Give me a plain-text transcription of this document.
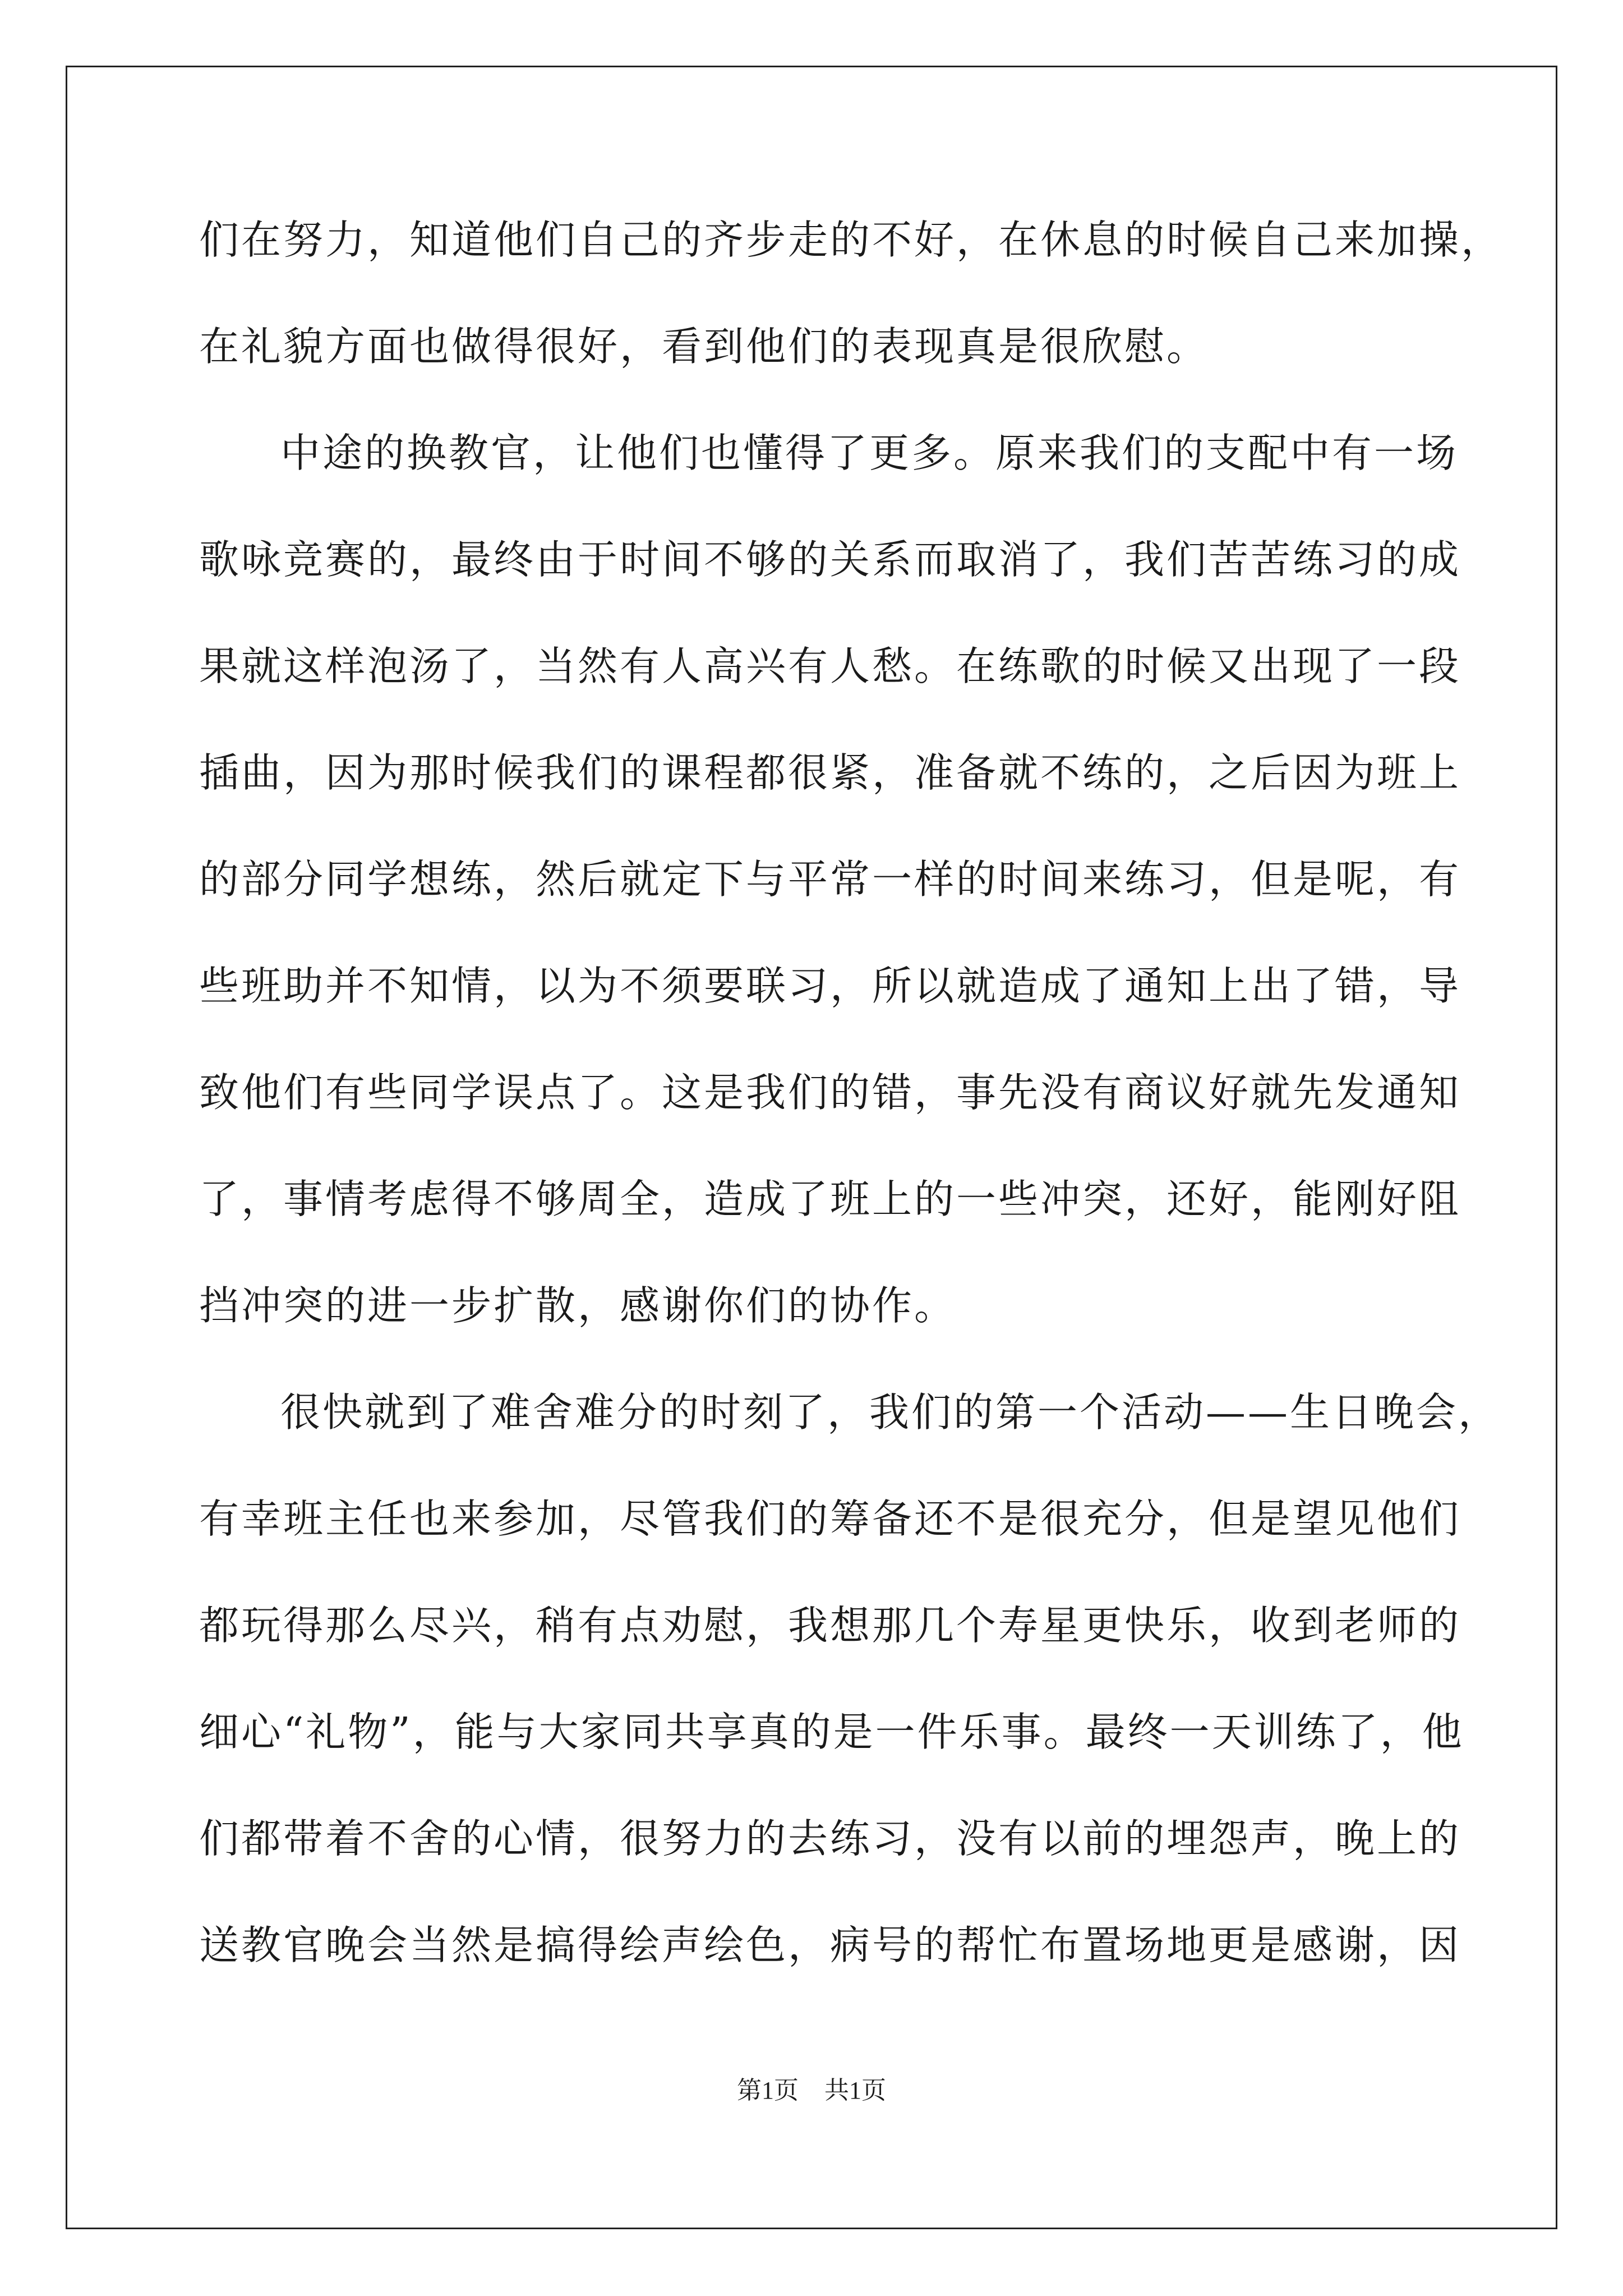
们在努力，知道他们自己的齐步走的不好，在休息的时候自己来加操，
在礼貌方面也做得很好，看到他们的表现真是很欣慰。
中途的换教官，让他们也懂得了更多。原来我们的支配中有一场
歌咏竞赛的，最终由于时间不够的关系而取消了，我们苦苦练习的成
果就这样泡汤了，当然有人高兴有人愁。在练歌的时候又出现了一段
插曲，因为那时候我们的课程都很紧，准备就不练的，之后因为班上
的部分同学想练，然后就定下与平常一样的时间来练习，但是呢，有
些班助并不知情，以为不须要联习，所以就造成了通知上出了错，导
致他们有些同学误点了。这是我们的错，事先没有商议好就先发通知
了，事情考虑得不够周全，造成了班上的一些冲突，还好，能刚好阻
挡冲突的进一步扩散，感谢你们的协作。
很快就到了难舍难分的时刻了，我们的第一个活动——生日晚会，
有幸班主任也来参加，尽管我们的筹备还不是很充分，但是望见他们
都玩得那么尽兴，稍有点劝慰，我想那几个寿星更快乐，收到老师的
细心“礼物”，能与大家同共享真的是一件乐事。最终一天训练了，他
们都带着不舍的心情，很努力的去练习，没有以前的埋怨声，晚上的
送教官晚会当然是搞得绘声绘色，病号的帮忙布置场地更是感谢，因
第1页 共1页
